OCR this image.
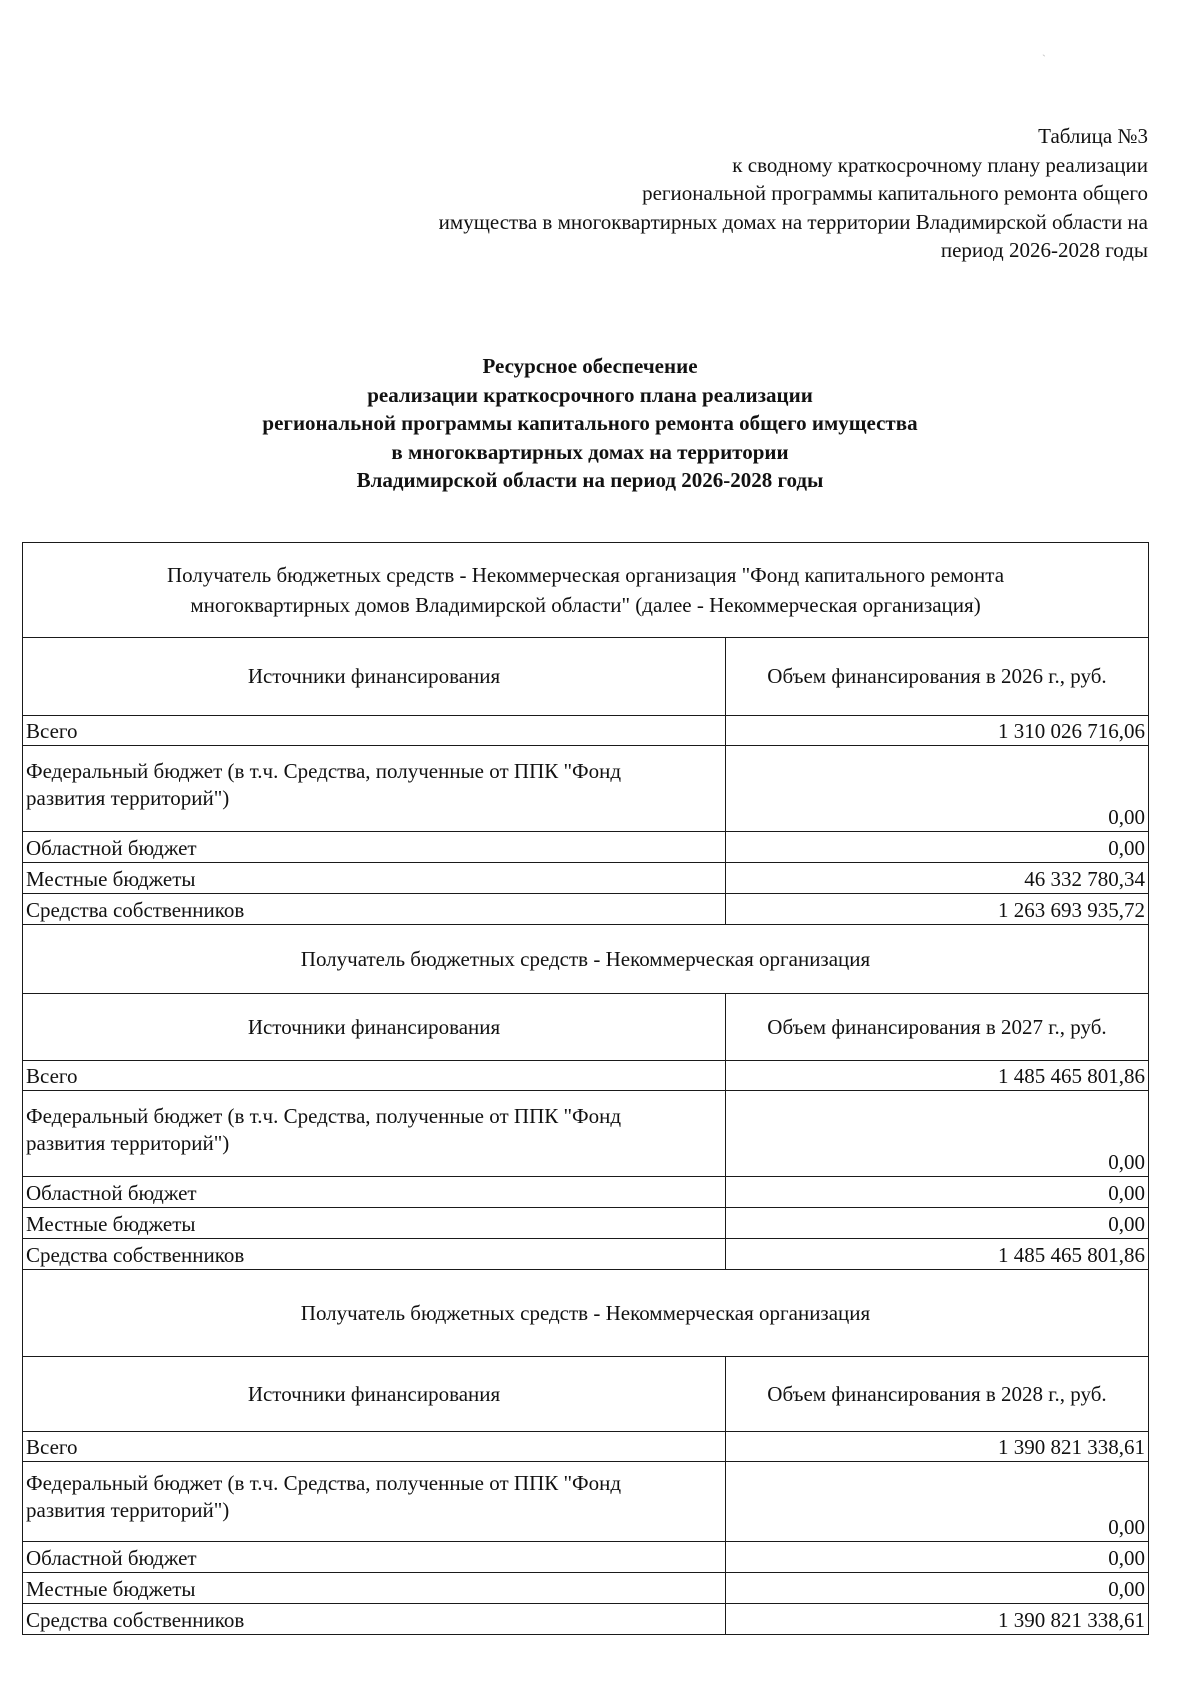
Таблица №3
к сводному краткосрочному плану реализации
региональной программы капитального ремонта общего
имущества в многоквартирных домах на территории Владимирской области на
период 2026-2028 годы
Ресурсное обеспечение
реализации краткосрочного плана реализации
региональной программы капитального ремонта общего имущества
в многоквартирных домах на территории
Владимирской области на период 2026-2028 годы
Получатель бюджетных средств - Некоммерческая организация "Фонд капитального ремонта
многоквартирных домов Владимирской области" (далее - Некоммерческая организация)	

Источники финансирования	Объем финансирования в 2026 г., руб.
Всего	1 310 026 716,06

Федеральный бюджет (в т.ч. Средства, полученные от ППК "Фонд
развития территорий")	0,00
Областной бюджет	0,00
Местные бюджеты	46 332 780,34
Средства собственников	1 263 693 935,72

Получатель бюджетных средств - Некоммерческая организация	

Источники финансирования	Объем финансирования в 2027 г., руб.
Всего	1 485 465 801,86

Федеральный бюджет (в т.ч. Средства, полученные от ППК "Фонд
развития территорий")	0,00
Областной бюджет	0,00
Местные бюджеты	0,00
Средства собственников	1 485 465 801,86

Получатель бюджетных средств - Некоммерческая организация	

Источники финансирования	Объем финансирования в 2028 г., руб.
Всего	1 390 821 338,61

Федеральный бюджет (в т.ч. Средства, полученные от ППК "Фонд
развития территорий")	0,00
Областной бюджет	0,00
Местные бюджеты	0,00
Средства собственников	1 390 821 338,61
ˋ
